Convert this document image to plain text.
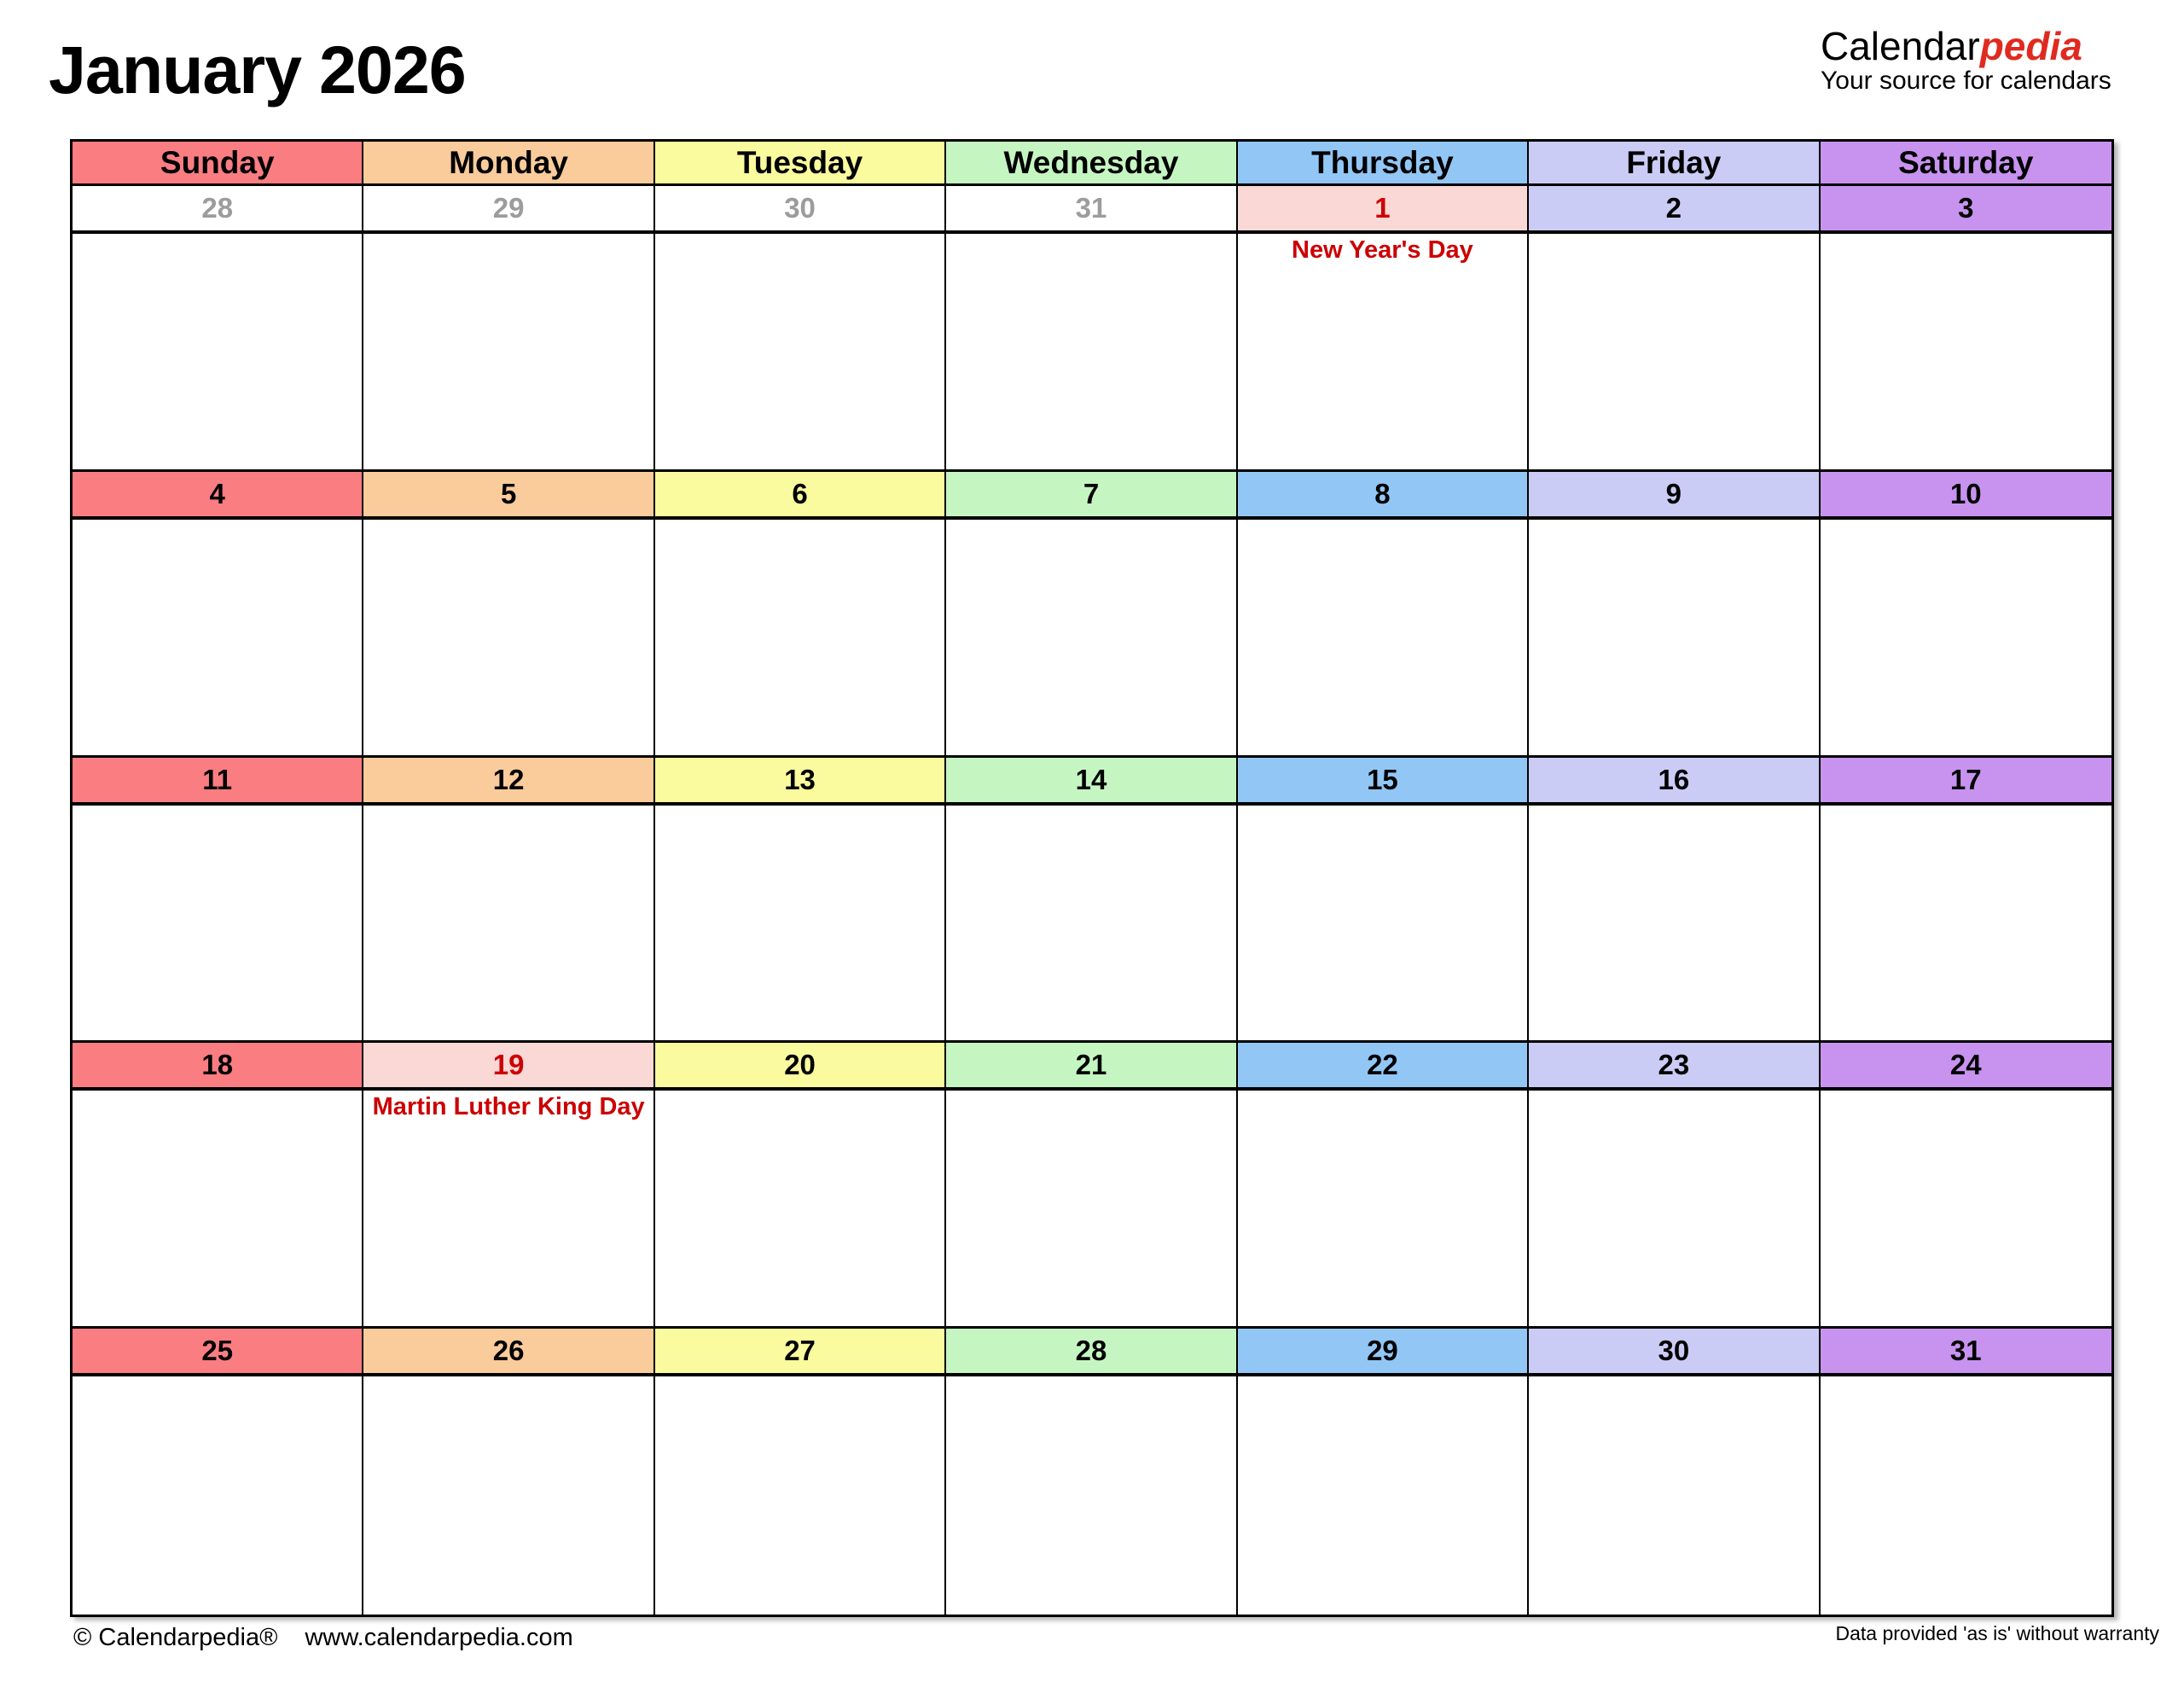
January 2026	Calendarpedia
Your source for calendars
Sunday	Monday	Tuesday	Wednesday	Thursday	Friday	Saturday
28	29	30	31	1	2	3
New Year's Day
4	5	6	7	8	9	10
11	12	13	14	15	16	17
18	19	20	21	22	23	24
Martin Luther King Day
25	26	27	28	29	30	31
© Calendarpedia® www.calendarpedia.com	Data provided 'as is' without warranty
